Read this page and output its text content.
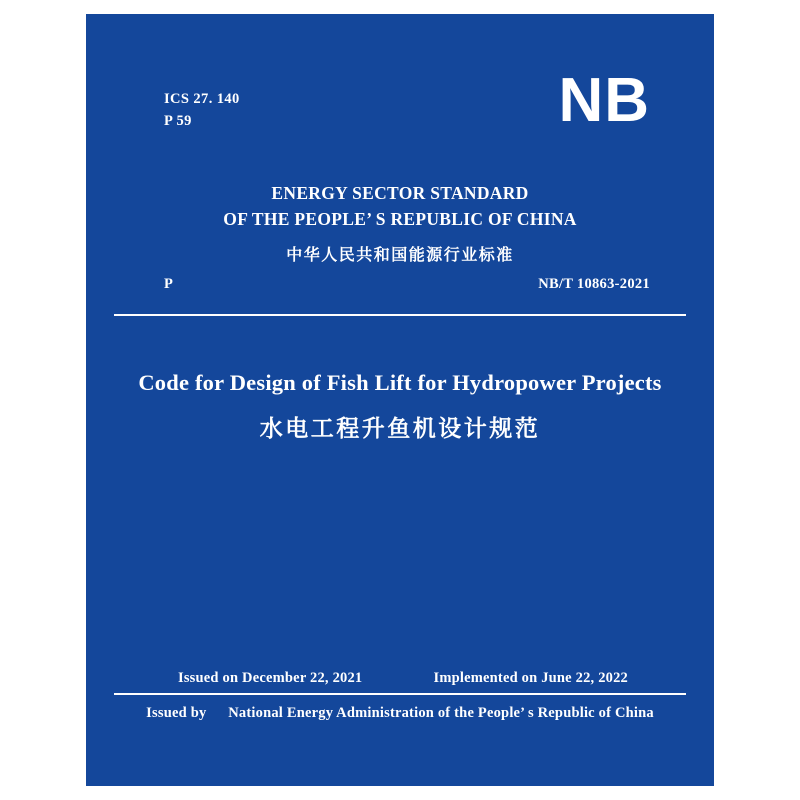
ICS 27. 140
P 59	NB
ENERGY SECTOR STANDARD
OF THE PEOPLE’ S REPUBLIC OF CHINA
中华人民共和国能源行业标准
P	NB/T 10863-2021
Code for Design of Fish Lift for Hydropower Projects
水电工程升鱼机设计规范
Issued on December 22, 2021	Implemented on June 22, 2022
Issued by National Energy Administration of the People’ s Republic of China
